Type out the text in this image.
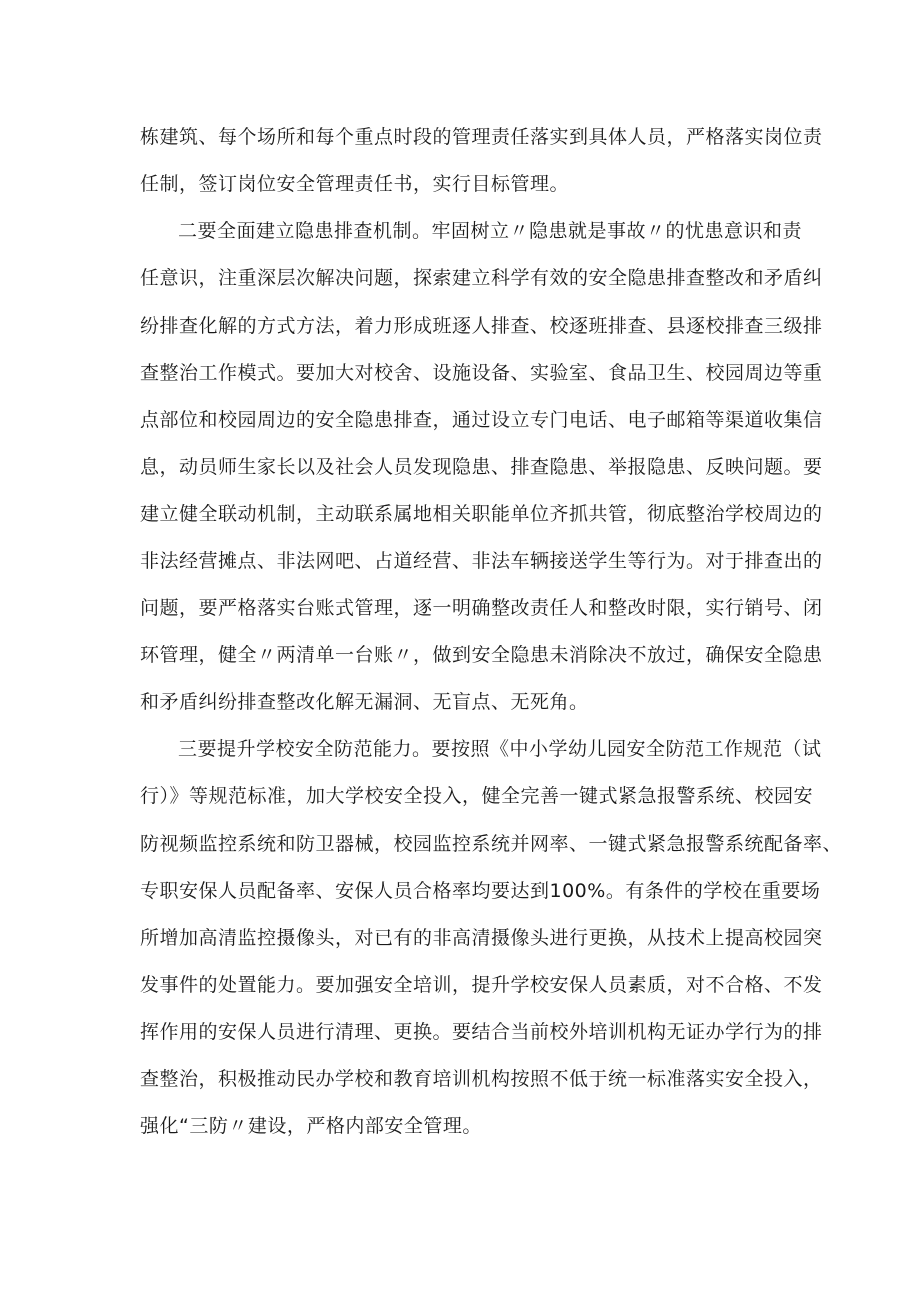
栋建筑、每个场所和每个重点时段的管理责任落实到具体人员，严格落实岗位责
任制，签订岗位安全管理责任书，实行目标管理。
二要全面建立隐患排查机制。牢固树立〃隐患就是事故〃的忧患意识和责
任意识，注重深层次解决问题，探索建立科学有效的安全隐患排查整改和矛盾纠
纷排查化解的方式方法，着力形成班逐人排查、校逐班排查、县逐校排查三级排
查整治工作模式。要加大对校舍、设施设备、实验室、食品卫生、校园周边等重
点部位和校园周边的安全隐患排查，通过设立专门电话、电子邮箱等渠道收集信
息，动员师生家长以及社会人员发现隐患、排查隐患、举报隐患、反映问题。要
建立健全联动机制，主动联系属地相关职能单位齐抓共管，彻底整治学校周边的
非法经营摊点、非法网吧、占道经营、非法车辆接送学生等行为。对于排查出的
问题，要严格落实台账式管理，逐一明确整改责任人和整改时限，实行销号、闭
环管理，健全〃两清单一台账〃，做到安全隐患未消除决不放过，确保安全隐患
和矛盾纠纷排查整改化解无漏洞、无盲点、无死角。
三要提升学校安全防范能力。要按照《中小学幼儿园安全防范工作规范（试
行）》等规范标准，加大学校安全投入，健全完善一键式紧急报警系统、校园安
防视频监控系统和防卫器械，校园监控系统并网率、一键式紧急报警系统配备率、
专职安保人员配备率、安保人员合格率均要达到100%。有条件的学校在重要场
所增加高清监控摄像头，对已有的非高清摄像头进行更换，从技术上提高校园突
发事件的处置能力。要加强安全培训，提升学校安保人员素质，对不合格、不发
挥作用的安保人员进行清理、更换。要结合当前校外培训机构无证办学行为的排
查整治，积极推动民办学校和教育培训机构按照不低于统一标准落实安全投入，
强化“三防〃建设，严格内部安全管理。
